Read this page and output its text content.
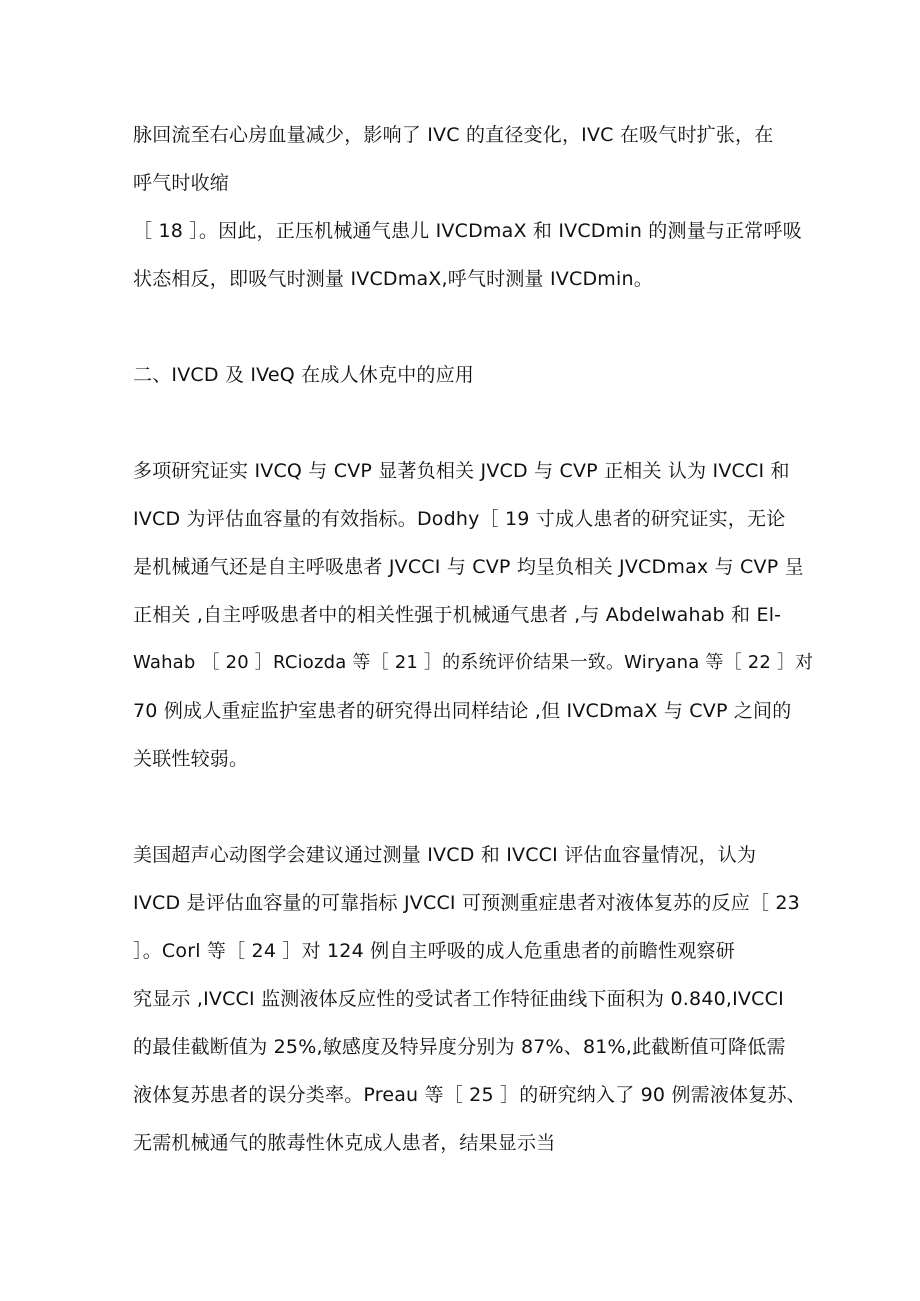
脉回流至右心房血量减少，影响了 IVC 的直径变化，IVC 在吸气时扩张，在
呼气时收缩
［ 18 ］。因此，正压机械通气患儿 IVCDmaX 和 IVCDmin 的测量与正常呼吸
状态相反，即吸气时测量 IVCDmaX,呼气时测量 IVCDmin。
二、IVCD 及 IVeQ 在成人休克中的应用
多项研究证实 IVCQ 与 CVP 显著负相关 JVCD 与 CVP 正相关 认为 IVCCI 和
IVCD 为评估血容量的有效指标。Dodhy［ 19 寸成人患者的研究证实，无论
是机械通气还是自主呼吸患者 JVCCI 与 CVP 均呈负相关 JVCDmax 与 CVP 呈
正相关 ,自主呼吸患者中的相关性强于机械通气患者 ,与 Abdelwahab 和 El-
Wahab ［ 20 ］RCiozda 等［ 21 ］的系统评价结果一致。Wiryana 等［ 22 ］对
70 例成人重症监护室患者的研究得出同样结论 ,但 IVCDmaX 与 CVP 之间的
关联性较弱。
美国超声心动图学会建议通过测量 IVCD 和 IVCCI 评估血容量情况，认为
IVCD 是评估血容量的可靠指标 JVCCI 可预测重症患者对液体复苏的反应［ 23
］。Corl 等［ 24 ］对 124 例自主呼吸的成人危重患者的前瞻性观察研
究显示 ,IVCCI 监测液体反应性的受试者工作特征曲线下面积为 0.840,IVCCI
的最佳截断值为 25%,敏感度及特异度分别为 87%、81%,此截断值可降低需
液体复苏患者的误分类率。Preau 等［ 25 ］的研究纳入了 90 例需液体复苏、
无需机械通气的脓毒性休克成人患者，结果显示当
